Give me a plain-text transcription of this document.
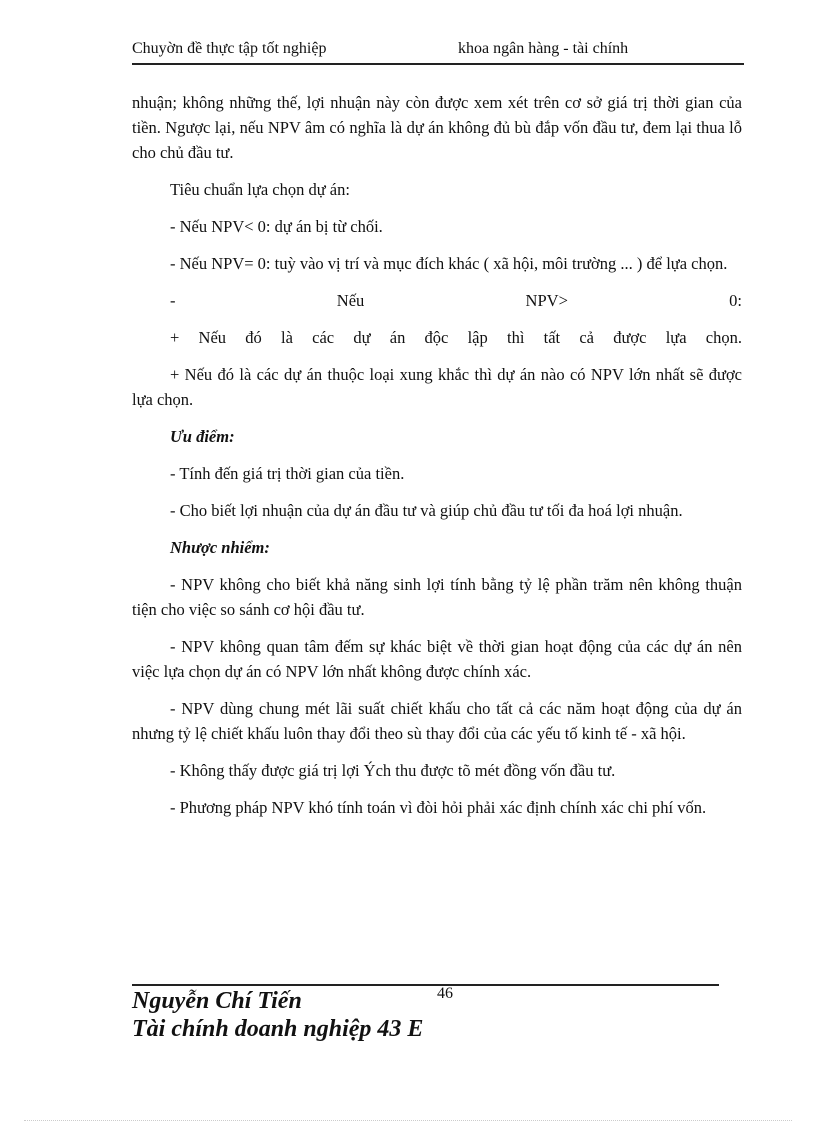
Chuyờn đề thực tập tốt nghiệp	khoa ngân hàng - tài chính

nhuận; không những thế, lợi nhuận này còn được xem xét trên cơ sở giá trị thời gian của tiền. Ngược lại, nếu NPV âm có nghĩa là dự án không đủ bù đắp vốn đầu tư, đem lại thua lỗ cho chủ đầu tư.

Tiêu chuẩn lựa chọn dự án:

- Nếu NPV< 0: dự án bị từ chối.

- Nếu NPV= 0: tuỳ vào vị trí và mục đích khác ( xã hội, môi trường ... ) để lựa chọn.

- Nếu NPV> 0:

+ Nếu đó là các dự án độc lập thì tất cả được lựa chọn.

+ Nếu đó là các dự án thuộc loại xung khắc thì dự án nào có NPV lớn nhất sẽ được lựa chọn.

Ưu điểm:

- Tính đến giá trị thời gian của tiền.

- Cho biết lợi nhuận của dự án đầu tư và giúp chủ đầu tư tối đa hoá lợi nhuận.

Nhược nhiểm:

- NPV không cho biết khả năng sinh lợi tính bằng tỷ lệ phần trăm nên không thuận tiện cho việc so sánh cơ hội đầu tư.

- NPV không quan tâm đếm sự khác biệt về thời gian hoạt động của các dự án nên việc lựa chọn dự án có NPV lớn nhất không được chính xác.

- NPV dùng chung mét lãi suất chiết khấu cho tất cả các năm hoạt động của dự án nhưng tỷ lệ chiết khấu luôn thay đổi theo sù thay đổi của các yếu tố kinh tế - xã hội.

- Không thấy được giá trị lợi Ých thu được tõ mét đồng vốn đầu tư.

- Phương pháp NPV khó tính toán vì đòi hỏi phải xác định chính xác chi phí vốn.

46
Nguyễn Chí Tiến
Tài chính doanh nghiệp 43 E
